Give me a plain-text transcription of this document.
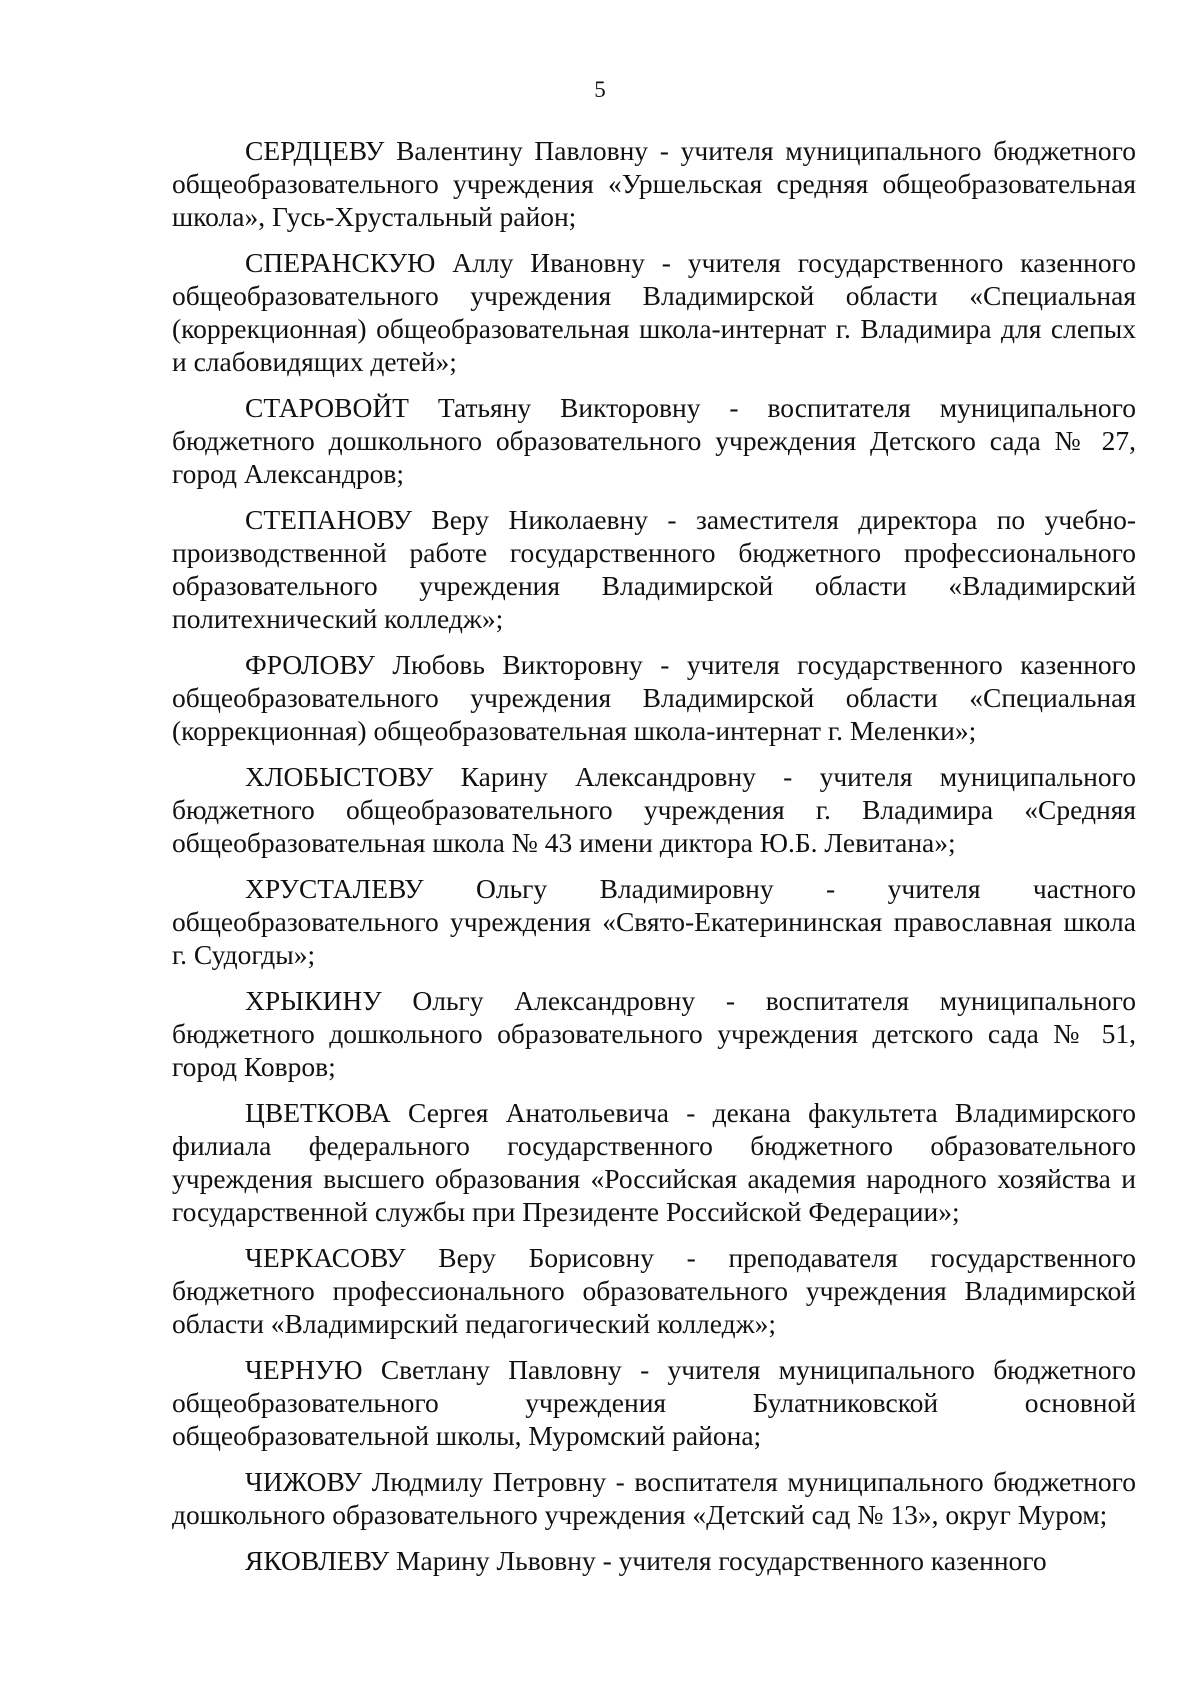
5

СЕРДЦЕВУ Валентину Павловну - учителя муниципального бюджетного общеобразовательного учреждения «Уршельская средняя общеобразовательная школа», Гусь-Хрустальный район;

СПЕРАНСКУЮ Аллу Ивановну - учителя государственного казенного общеобразовательного учреждения Владимирской области «Специальная (коррекционная) общеобразовательная школа-интернат г. Владимира для слепых и слабовидящих детей»;

СТАРОВОЙТ Татьяну Викторовну - воспитателя муниципального бюджетного дошкольного образовательного учреждения Детского сада № 27, город Александров;

СТЕПАНОВУ Веру Николаевну - заместителя директора по учебно-производственной работе государственного бюджетного профессионального образовательного учреждения Владимирской области «Владимирский политехнический колледж»;

ФРОЛОВУ Любовь Викторовну - учителя государственного казенного общеобразовательного учреждения Владимирской области «Специальная (коррекционная) общеобразовательная школа-интернат г. Меленки»;

ХЛОБЫСТОВУ Карину Александровну - учителя муниципального бюджетного общеобразовательного учреждения г. Владимира «Средняя общеобразовательная школа № 43 имени диктора Ю.Б. Левитана»;

ХРУСТАЛЕВУ Ольгу Владимировну - учителя частного общеобразовательного учреждения «Свято-Екатерининская православная школа г. Судогды»;

ХРЫКИНУ Ольгу Александровну - воспитателя муниципального бюджетного дошкольного образовательного учреждения детского сада № 51, город Ковров;

ЦВЕТКОВА Сергея Анатольевича - декана факультета Владимирского филиала федерального государственного бюджетного образовательного учреждения высшего образования «Российская академия народного хозяйства и государственной службы при Президенте Российской Федерации»;

ЧЕРКАСОВУ Веру Борисовну - преподавателя государственного бюджетного профессионального образовательного учреждения Владимирской области «Владимирский педагогический колледж»;

ЧЕРНУЮ Светлану Павловну - учителя муниципального бюджетного общеобразовательного учреждения Булатниковской основной общеобразовательной школы, Муромский района;

ЧИЖОВУ Людмилу Петровну - воспитателя муниципального бюджетного дошкольного образовательного учреждения «Детский сад № 13», округ Муром;

ЯКОВЛЕВУ Марину Львовну - учителя государственного казенного
